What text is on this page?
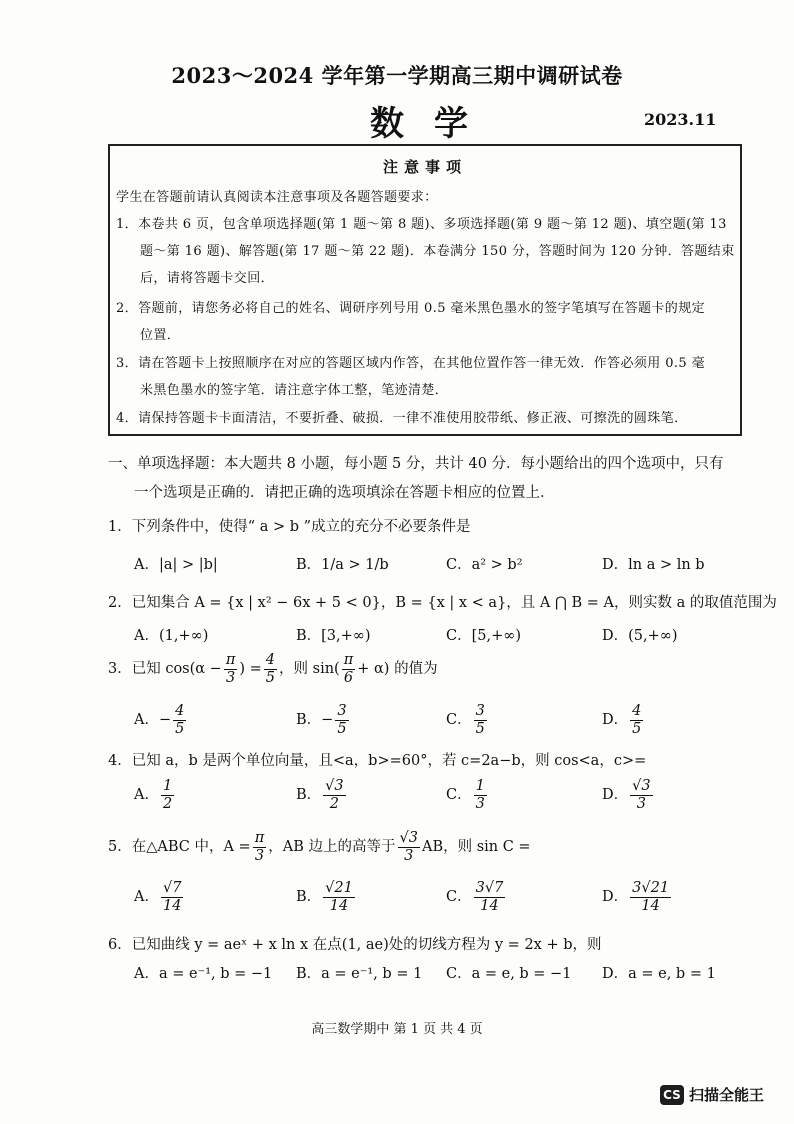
2023～2024 学年第一学期高三期中调研试卷
数学	2023.11
注意事项
学生在答题前请认真阅读本注意事项及各题答题要求：
1．本卷共 6 页，包含单项选择题(第 1 题～第 8 题)、多项选择题(第 9 题～第 12 题)、填空题(第 13
题～第 16 题)、解答题(第 17 题～第 22 题)．本卷满分 150 分，答题时间为 120 分钟．答题结束
后，请将答题卡交回．
2．答题前，请您务必将自己的姓名、调研序列号用 0.5 毫米黑色墨水的签字笔填写在答题卡的规定
位置．
3．请在答题卡上按照顺序在对应的答题区域内作答，在其他位置作答一律无效．作答必须用 0.5 毫
米黑色墨水的签字笔．请注意字体工整，笔迹清楚．
4．请保持答题卡卡面清洁，不要折叠、破损．一律不准使用胶带纸、修正液、可擦洗的圆珠笔．
一、单项选择题：本大题共 8 小题，每小题 5 分，共计 40 分．每小题给出的四个选项中，只有
一个选项是正确的．请把正确的选项填涂在答题卡相应的位置上．
1．下列条件中，使得“ a > b ”成立的充分不必要条件是
A．|a| > |b|	B．1/a > 1/b	C．a² > b²	D．ln a > ln b
2．已知集合 A = {x | x² − 6x + 5 < 0}，B = {x | x < a}，且 A ⋂ B = A，则实数 a 的取值范围为
A．(1,+∞)	B．[3,+∞)	C．[5,+∞)	D．(5,+∞)
3．已知 $\cos(\alpha - \frac{\pi}{3}$ ) = $\frac{4}{5}$ ，则 $\sin( \frac{\pi}{6} + \alpha)$ 的值为
A．− $\frac{4}{5}$	B．− $\frac{3}{5}$	C． $\frac{3}{5}$	D． $\frac{4}{5}$
4．已知 a，b 是两个单位向量，且<a，b>=60°，若 c=2a−b，则 cos<a，c>=
A． $\frac{1}{2}$	B． $\frac{√3}{2}$	C． $\frac{1}{3}$	D． $\frac{√3}{3}$
5．在△ABC 中，$A = \frac{\pi}{3}$ ，AB 边上的高等于 $\frac{√3}{3}$ AB，则 sin C =
A． $\frac{√7}{14}$	B． $\frac{√21}{14}$	C． $\frac{3√7}{14}$	D． $\frac{3√21}{14}$
6．已知曲线 y = aeˣ + x ln x 在点(1, ae)处的切线方程为 y = 2x + b，则
A．a = e⁻¹, b = −1 B．a = e⁻¹, b = 1 C．a = e, b = −1 D．a = e, b = 1
高三数学期中 第 1 页 共 4 页
CS 扫描全能王
